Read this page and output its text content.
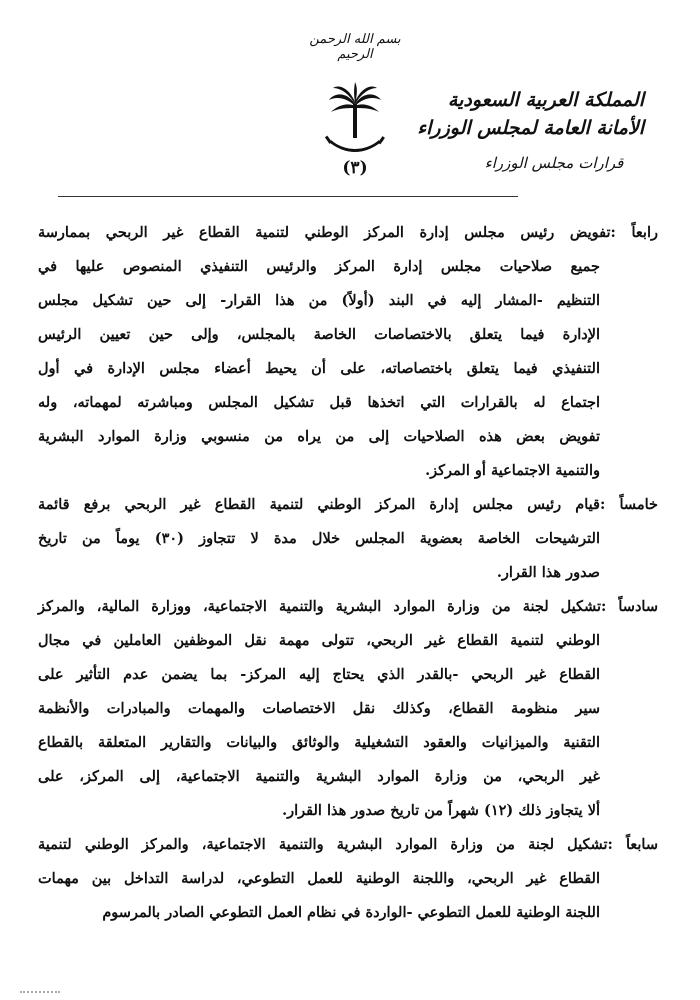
بسم الله الرحمن الرحيم
(٣)
المملكة العربية السعودية
الأمانة العامة لمجلس الوزراء
قرارات مجلس الوزراء
رابعاً :تفويض رئيس مجلس إدارة المركز الوطني لتنمية القطاع غير الربحي بممارسة
جميع صلاحيات مجلس إدارة المركز والرئيس التنفيذي المنصوص عليها في
التنظيم -المشار إليه في البند (أولاً) من هذا القرار- إلى حين تشكيل مجلس
الإدارة فيما يتعلق بالاختصاصات الخاصة بالمجلس، وإلى حين تعيين الرئيس
التنفيذي فيما يتعلق باختصاصاته، على أن يحيط أعضاء مجلس الإدارة في أول
اجتماع له بالقرارات التي اتخذها قبل تشكيل المجلس ومباشرته لمهماته، وله
تفويض بعض هذه الصلاحيات إلى من يراه من منسوبي وزارة الموارد البشرية
والتنمية الاجتماعية أو المركز.
خامساً :قيام رئيس مجلس إدارة المركز الوطني لتنمية القطاع غير الربحي برفع قائمة
الترشيحات الخاصة بعضوية المجلس خلال مدة لا تتجاوز (٣٠) يوماً من تاريخ
صدور هذا القرار.
سادساً :تشكيل لجنة من وزارة الموارد البشرية والتنمية الاجتماعية، ووزارة المالية، والمركز
الوطني لتنمية القطاع غير الربحي، تتولى مهمة نقل الموظفين العاملين في مجال
القطاع غير الربحي -بالقدر الذي يحتاج إليه المركز- بما يضمن عدم التأثير على
سير منظومة القطاع، وكذلك نقل الاختصاصات والمهمات والمبادرات والأنظمة
التقنية والميزانيات والعقود التشغيلية والوثائق والبيانات والتقارير المتعلقة بالقطاع
غير الربحي، من وزارة الموارد البشرية والتنمية الاجتماعية، إلى المركز، على
ألا يتجاوز ذلك (١٢) شهراً من تاريخ صدور هذا القرار.
سابعاً :تشكيل لجنة من وزارة الموارد البشرية والتنمية الاجتماعية، والمركز الوطني لتنمية
القطاع غير الربحي، واللجنة الوطنية للعمل التطوعي، لدراسة التداخل بين مهمات
اللجنة الوطنية للعمل التطوعي -الواردة في نظام العمل التطوعي الصادر بالمرسوم
